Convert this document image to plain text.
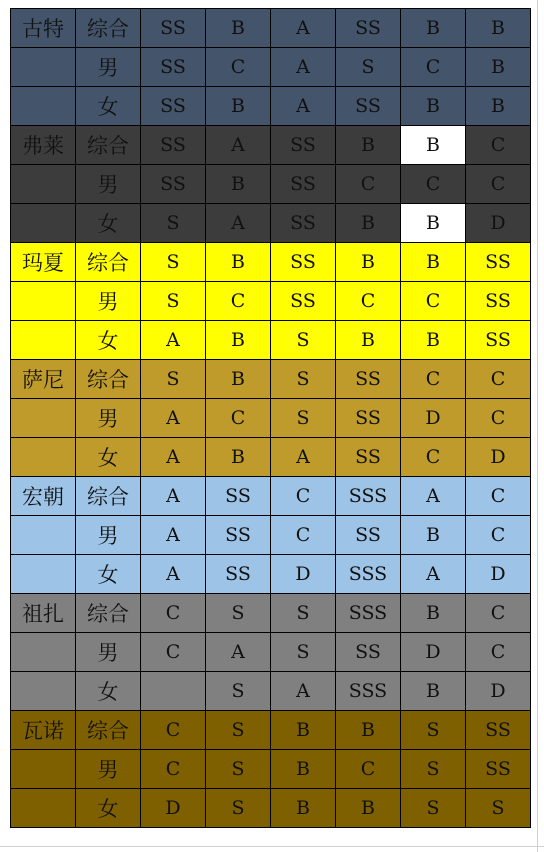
古特	综合	SS	B	A	SS	B	B
	男	SS	C	A	S	C	B
	女	SS	B	A	SS	B	B
弗莱	综合	SS	A	SS	B	B	C
	男	SS	B	SS	C	C	C
	女	S	A	SS	B	B	D
玛夏	综合	S	B	SS	B	B	SS
	男	S	C	SS	C	C	SS
	女	A	B	S	B	B	SS
萨尼	综合	S	B	S	SS	C	C
	男	A	C	S	SS	D	C
	女	A	B	A	SS	C	D
宏朝	综合	A	SS	C	SSS	A	C
	男	A	SS	C	SS	B	C
	女	A	SS	D	SSS	A	D
祖扎	综合	C	S	S	SSS	B	C
	男	C	A	S	SS	D	C
	女		S	A	SSS	B	D
瓦诺	综合	C	S	B	B	S	SS
	男	C	S	B	C	S	SS
	女	D	S	B	B	S	S
